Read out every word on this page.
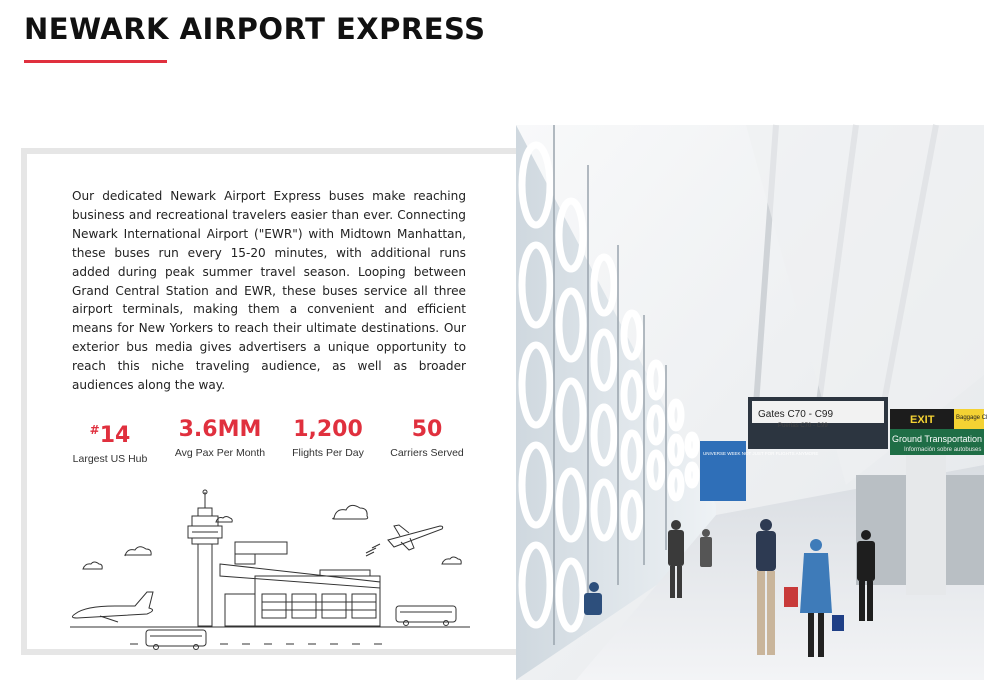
NEWARK AIRPORT EXPRESS

Our dedicated Newark Airport Express buses make reaching business and recreational travelers easier than ever. Connecting Newark International Airport ("EWR") with Midtown Manhattan, these buses run every 15-20 minutes, with additional runs added during peak summer travel season. Looping between Grand Central Station and EWR, these buses service all three airport terminals, making them a convenient and efficient means for New Yorkers to reach their ultimate destinations. Our exterior bus media gives advertisers a unique opportunity to reach this niche traveling audience, as well as broader audiences along the way.

#14
Largest US Hub
3.6MM
Avg Pax Per Month
1,200
Flights Per Day
50
Carriers Served
Gates C70 - C99
Puertas C70 - C99	EXIT	Baggage Cl
Ground Transportation
Información sobre autobuses
UNIVERSE WEEK NOT JUST FOR FLIGHTS ANYMORE
